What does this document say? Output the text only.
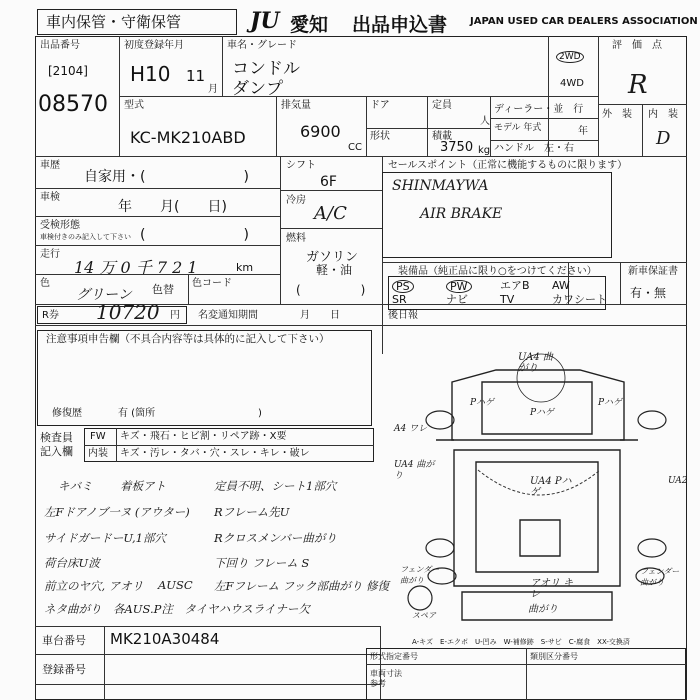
車内保管・守衛保管	JU 愛知 出品申込書 JAPAN USED CAR DEALERS ASSOCIATION
出品番号
[2104]
08570
初度登録年月
H10 11
月
車名・グレード
コンドル
ダンプ
2WD
4WD
評　価　点
R
外　装 内　装
D
型式
KC-MK210ABD
排気量
6900
CC
ドア	定員
人
形状	積載
3750 kg
ディーラー・並　行
モデル 年式	年
ハンドル　左・右
車歴
自家用・(　　　　　　　)
車検
年　　月(　　日)
受検形態
車検付きのみ記入して下さい (　　　　　　　)
走行
14 万 0 千 7 2 1	km
色
グリーン 色替 色コード
シフト
6F
冷房
A/C
燃料
ガソリン
軽・油
(　　　　　)
セールスポイント（正常に機能するものに限ります）
SHINMAYWA
AIR BRAKE
装備品（純正品に限り○をつけてください）
PS	PW	エアB AW
SR	ナビ	TV	カワシート
新車保証書
有・無
R券 10720 円 名変通知期間	月　　日	後日報
注意事項申告欄（不具合内容等は具体的に記入して下さい）
修復歴	有 (箇所	)
検査員
記入欄
FW キズ・飛石・ヒビ割・リペア跡・X要
内装 キズ・汚レ・タバ・穴・スレ・キレ・破レ
キバミ 着板アト	定員不明、シート1部穴
左Fドアノブ一ヌ (アウター) Rフレーム先U
サイドガードーU,1部穴	Rクロスメンバー曲がり
荷台床U波	下回り フレーム S
前立のヤ穴, アオリ AUSC 左Fフレーム フック部曲がり 修復
ネタ曲がり　各AUS.P注　タイヤハウスライナー欠
UA4 曲がり
A4 ワレ
UA4 曲がり	UA2
Pハゲ
Pハゲ
Pハゲ
UA4 Pハゲ
アオリ キレ
曲がり
フェンダー 曲がり
フェンダー 曲がり
スペア
A-キズ　E-エクボ　U-凹み　W-補修跡　S-サビ　C-腐食　XX-交換済
車台番号 MK210A30484
登録番号
形式指定番号	類別区分番号
車両寸法
参考
